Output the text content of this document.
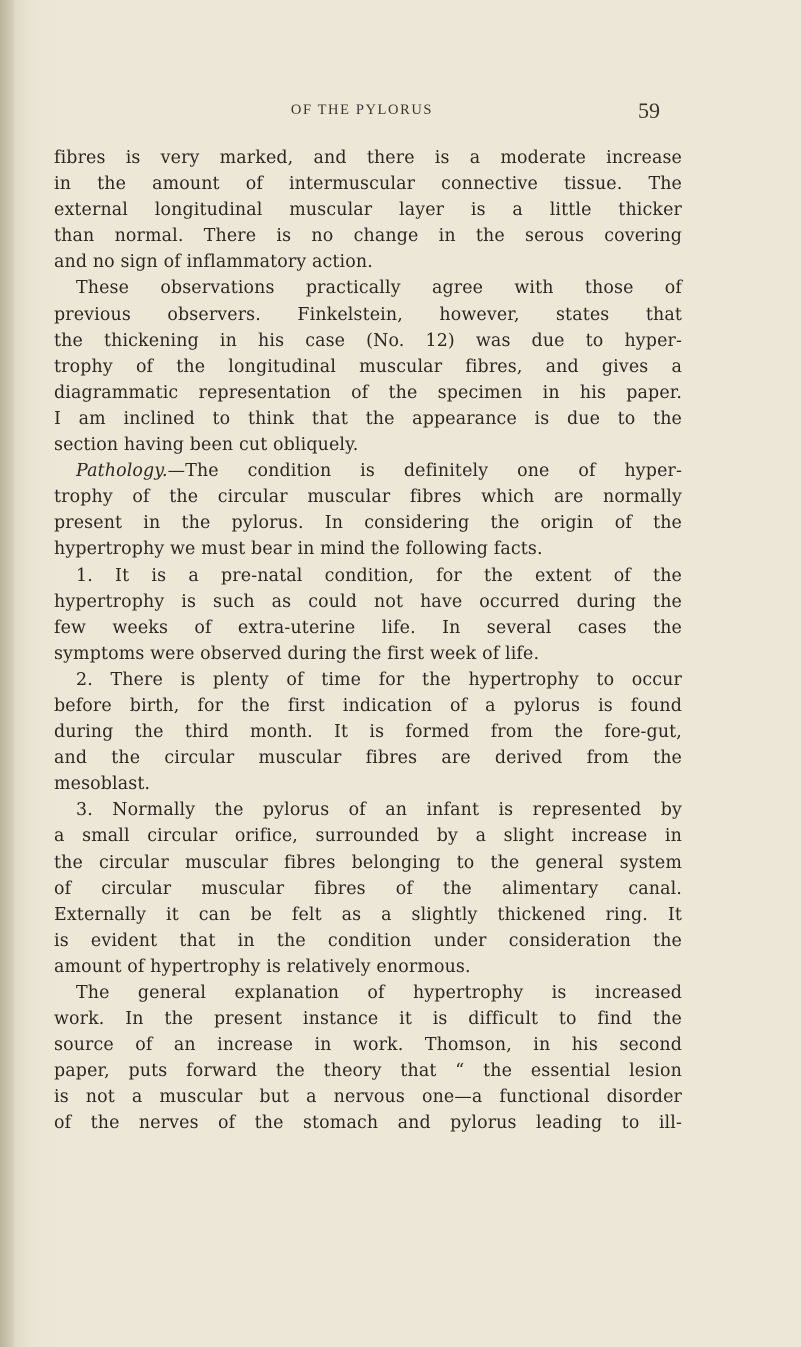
OF THE PYLORUS	59
fibres is very marked, and there is a moderate increase
in the amount of intermuscular connective tissue. The
external longitudinal muscular layer is a little thicker
than normal. There is no change in the serous covering
and no sign of inflammatory action.
These observations practically agree with those of
previous observers. Finkelstein, however, states that
the thickening in his case (No. 12) was due to hyper-
trophy of the longitudinal muscular fibres, and gives a
diagrammatic representation of the specimen in his paper.
I am inclined to think that the appearance is due to the
section having been cut obliquely.
Pathology.—The condition is definitely one of hyper-
trophy of the circular muscular fibres which are normally
present in the pylorus. In considering the origin of the
hypertrophy we must bear in mind the following facts.
1. It is a pre-natal condition, for the extent of the
hypertrophy is such as could not have occurred during the
few weeks of extra-uterine life. In several cases the
symptoms were observed during the first week of life.
2. There is plenty of time for the hypertrophy to occur
before birth, for the first indication of a pylorus is found
during the third month. It is formed from the fore-gut,
and the circular muscular fibres are derived from the
mesoblast.
3. Normally the pylorus of an infant is represented by
a small circular orifice, surrounded by a slight increase in
the circular muscular fibres belonging to the general system
of circular muscular fibres of the alimentary canal.
Externally it can be felt as a slightly thickened ring. It
is evident that in the condition under consideration the
amount of hypertrophy is relatively enormous.
The general explanation of hypertrophy is increased
work. In the present instance it is difficult to find the
source of an increase in work. Thomson, in his second
paper, puts forward the theory that “ the essential lesion
is not a muscular but a nervous one—a functional disorder
of the nerves of the stomach and pylorus leading to ill-
